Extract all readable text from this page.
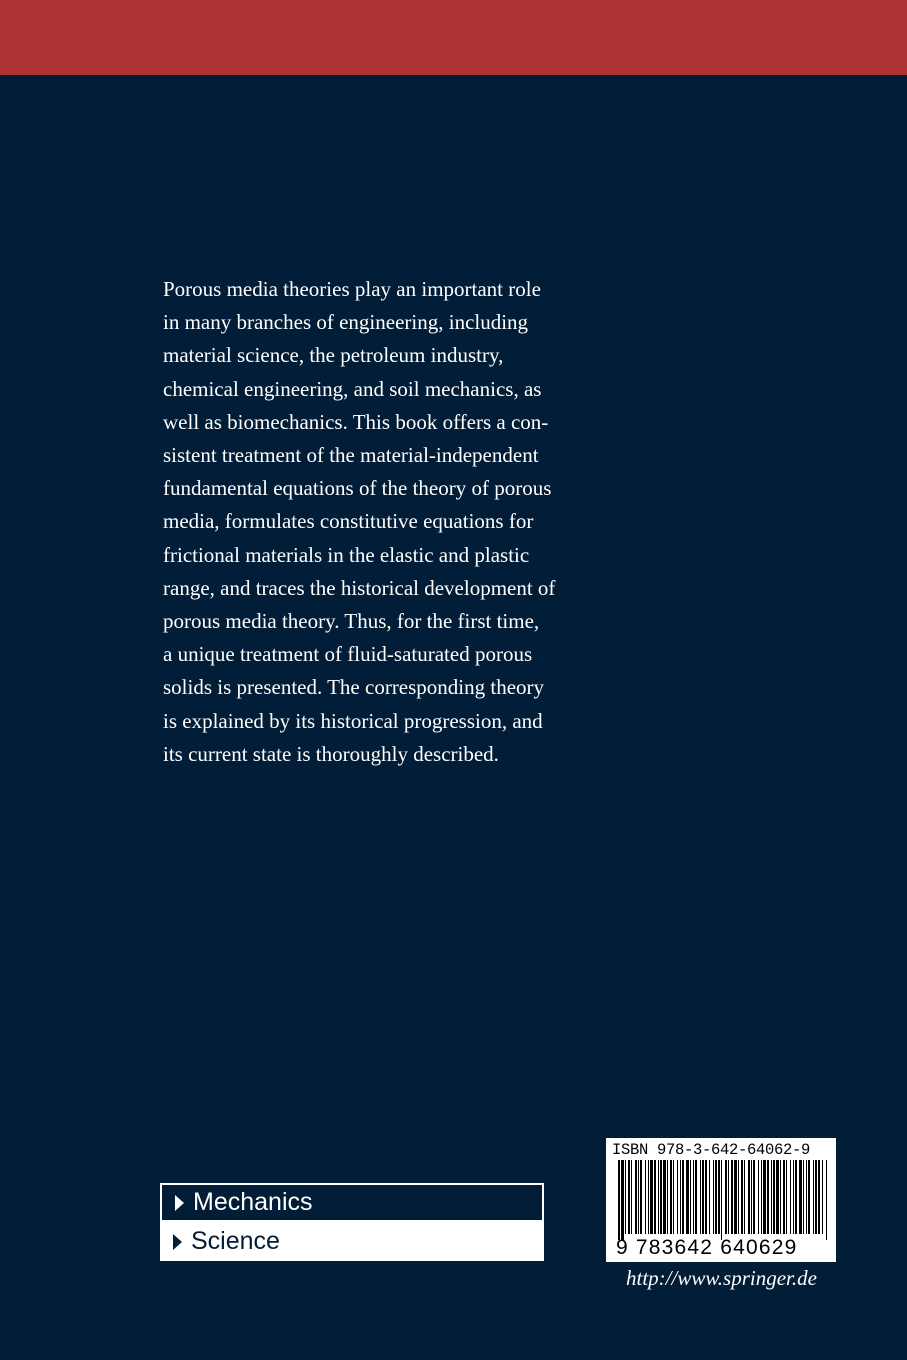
Porous media theories play an important role
in many branches of engineering, including
material science, the petroleum industry,
chemical engineering, and soil mechanics, as
well as biomechanics. This book offers a con-
sistent treatment of the material-independent
fundamental equations of the theory of porous
media, formulates constitutive equations for
frictional materials in the elastic and plastic
range, and traces the historical development of
porous media theory. Thus, for the first time,
a unique treatment of fluid-saturated porous
solids is presented. The corresponding theory
is explained by its historical progression, and
its current state is thoroughly described.

Mechanics
Science
ISBN 978-3-642-64062-9
9 783642 640629
http://www.springer.de
